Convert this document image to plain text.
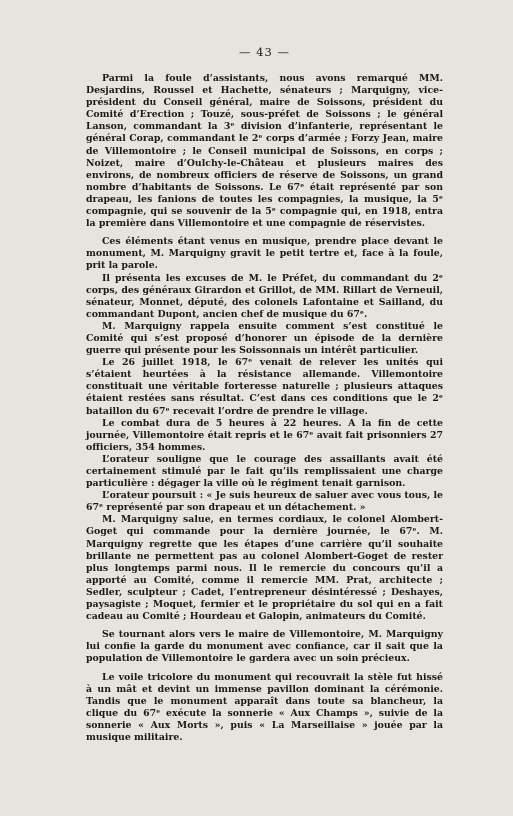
— 43 —

Parmi la foule d’assistants, nous avons remarqué MM. Desjardins, Roussel et Hachette, sénateurs ; Marquigny, vice-président du Conseil général, maire de Soissons, président du Comité d’Erection ; Touzé, sous-préfet de Soissons ; le général Lanson, commandant la 3ᵉ division d’infanterie, représentant le général Corap, commandant le 2ᵉ corps d’armée ; Forzy Jean, maire de Villemontoire ; le Conseil municipal de Soissons, en corps ; Noizet, maire d’Oulchy-le-Château et plusieurs maires des environs, de nombreux officiers de réserve de Soissons, un grand nombre d’habitants de Soissons. Le 67ᵉ était représenté par son drapeau, les fanions de toutes les compagnies, la musique, la 5ᵉ compagnie, qui se souvenir de la 5ᵉ compagnie qui, en 1918, entra la première dans Villemontoire et une compagnie de réservistes.

Ces éléments étant venus en musique, prendre place devant le monument, M. Marquigny gravit le petit tertre et, face à la foule, prit la parole.

Il présenta les excuses de M. le Préfet, du commandant du 2ᵉ corps, des généraux Girardon et Grillot, de MM. Rillart de Verneuil, sénateur, Monnet, député, des colonels Lafontaine et Sailland, du commandant Dupont, ancien chef de musique du 67ᵉ.

M. Marquigny rappela ensuite comment s’est constitué le Comité qui s’est proposé d’honorer un épisode de la dernière guerre qui présente pour les Soissonnais un intérêt particulier.

Le 26 juillet 1918, le 67ᵉ venait de relever les unités qui s’étaient heurtées à la résistance allemande. Villemontoire constituait une véritable forteresse naturelle ; plusieurs attaques étaient restées sans résultat. C’est dans ces conditions que le 2ᵉ bataillon du 67ᵉ recevait l’ordre de prendre le village.

Le combat dura de 5 heures à 22 heures. A la fin de cette journée, Villemontoire était repris et le 67ᵉ avait fait prisonniers 27 officiers, 354 hommes.

L’orateur souligne que le courage des assaillants avait été certainement stimulé par le fait qu’ils remplissaient une charge particulière : dégager la ville où le régiment tenait garnison.

L’orateur poursuit : « Je suis heureux de saluer avec vous tous, le 67ᵉ représenté par son drapeau et un détachement. »

M. Marquigny salue, en termes cordiaux, le colonel Alombert-Goget qui commande pour la dernière journée, le 67ᵉ. M. Marquigny regrette que les étapes d’une carrière qu’il souhaite brillante ne permettent pas au colonel Alombert-Goget de rester plus longtemps parmi nous. Il le remercie du concours qu’il a apporté au Comité, comme il remercie MM. Prat, architecte ; Sedler, sculpteur ; Cadet, l’entrepreneur désintéressé ; Deshayes, paysagiste ; Moquet, fermier et le propriétaire du sol qui en a fait cadeau au Comité ; Hourdeau et Galopin, animateurs du Comité.

Se tournant alors vers le maire de Villemontoire, M. Marquigny lui confie la garde du monument avec confiance, car il sait que la population de Villemontoire le gardera avec un soin précieux.

Le voile tricolore du monument qui recouvrait la stèle fut hissé à un mât et devint un immense pavillon dominant la cérémonie. Tandis que le monument apparaît dans toute sa blancheur, la clique du 67ᵉ exécute la sonnerie « Aux Champs », suivie de la sonnerie « Aux Morts », puis « La Marseillaise » jouée par la musique militaire.
